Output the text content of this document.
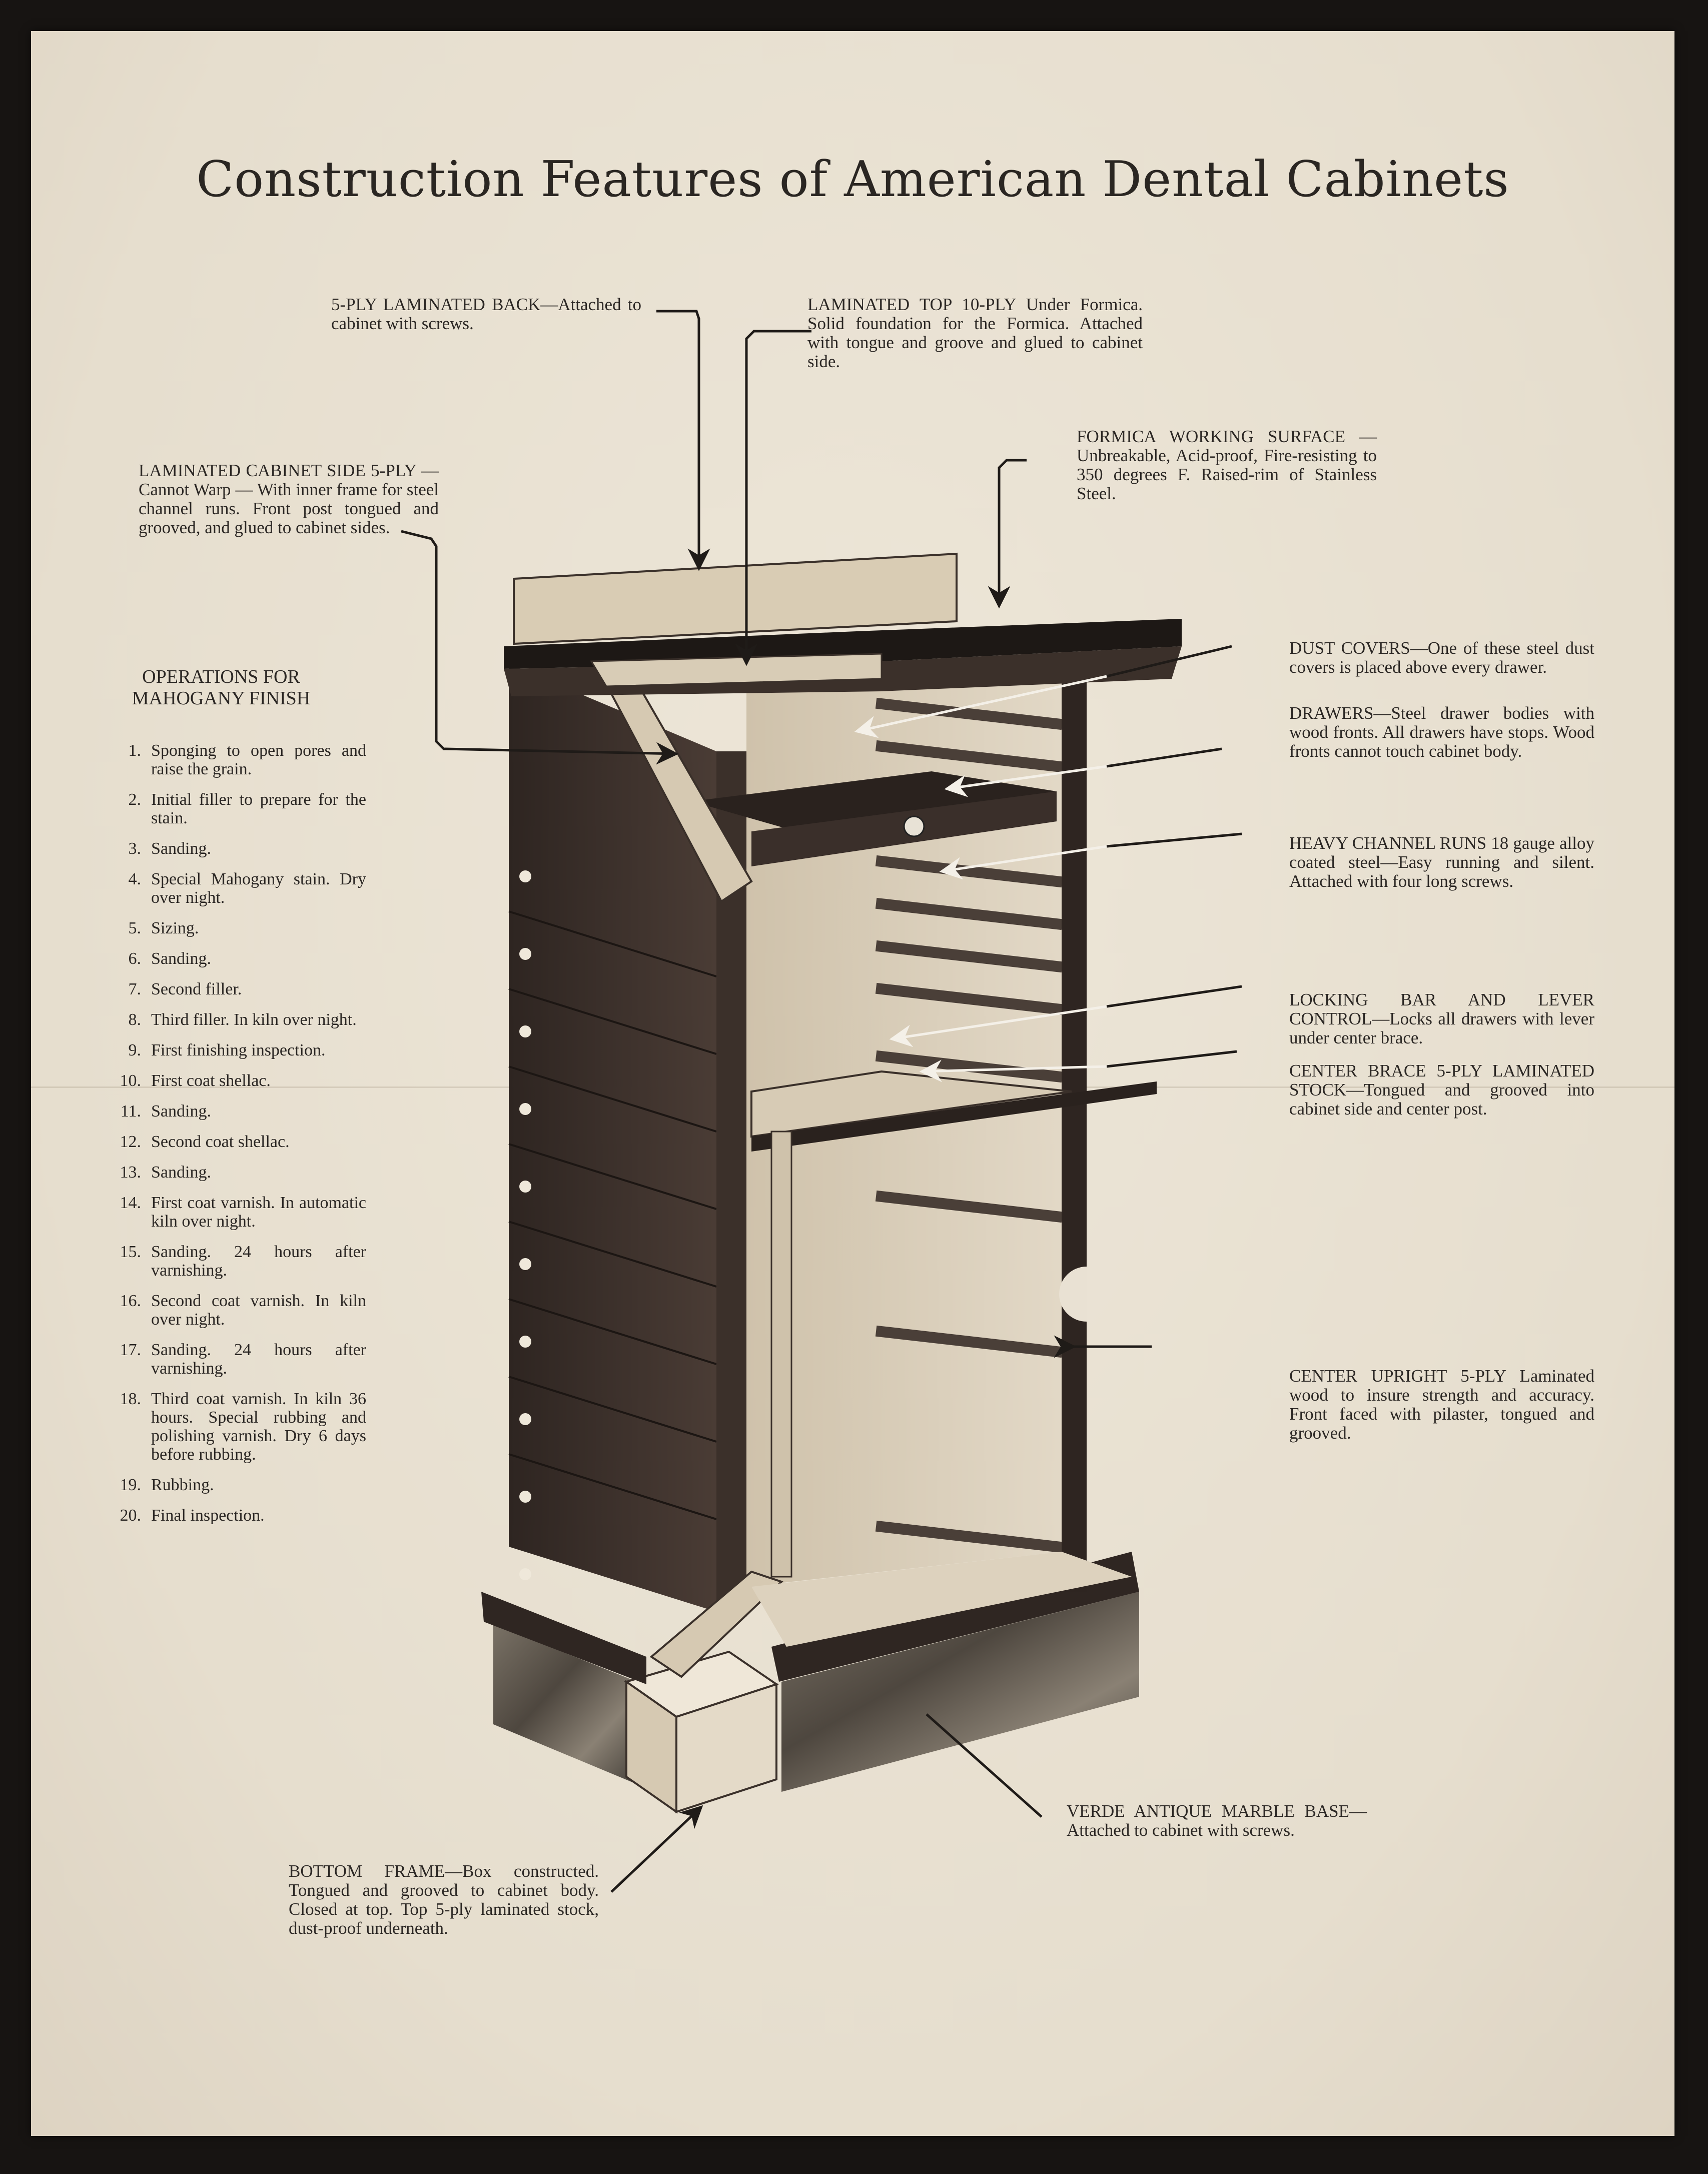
Construction Features of American Dental Cabinets
5-PLY LAMINATED BACK—Attached to cabinet with screws.
LAMINATED TOP 10-PLY Under Formica. Solid foundation for the Formica. Attached with tongue and groove and glued to cabinet side.
FORMICA WORKING SURFACE — Unbreakable, Acid-proof, Fire-resisting to 350 degrees F. Raised-rim of Stainless Steel.
LAMINATED CABINET SIDE 5-PLY — Cannot Warp — With inner frame for steel channel runs. Front post tongued and grooved, and glued to cabinet sides.
DUST COVERS—One of these steel dust covers is placed above every drawer.
DRAWERS—Steel drawer bodies with wood fronts. All drawers have stops. Wood fronts cannot touch cabinet body.
HEAVY CHANNEL RUNS 18 gauge alloy coated steel—Easy running and silent. Attached with four long screws.
LOCKING BAR AND LEVER CONTROL—Locks all drawers with lever under center brace.
CENTER BRACE 5-PLY LAMINATED STOCK—Tongued and grooved into cabinet side and center post.
CENTER UPRIGHT 5-PLY Laminated wood to insure strength and accuracy. Front faced with pilaster, tongued and grooved.
VERDE ANTIQUE MARBLE BASE—Attached to cabinet with screws.
BOTTOM FRAME—Box constructed. Tongued and grooved to cabinet body. Closed at top. Top 5-ply laminated stock, dust-proof underneath.
OPERATIONS FOR MAHOGANY FINISH
1. Sponging to open pores and raise the grain.
2. Initial filler to prepare for the stain.
3. Sanding.
4. Special Mahogany stain. Dry over night.
5. Sizing.
6. Sanding.
7. Second filler.
8. Third filler. In kiln over night.
9. First finishing inspection.
10. First coat shellac.
11. Sanding.
12. Second coat shellac.
13. Sanding.
14. First coat varnish. In automatic kiln over night.
15. Sanding. 24 hours after varnishing.
16. Second coat varnish. In kiln over night.
17. Sanding. 24 hours after varnishing.
18. Third coat varnish. In kiln 36 hours. Special rubbing and polishing varnish. Dry 6 days before rubbing.
19. Rubbing.
20. Final inspection.
